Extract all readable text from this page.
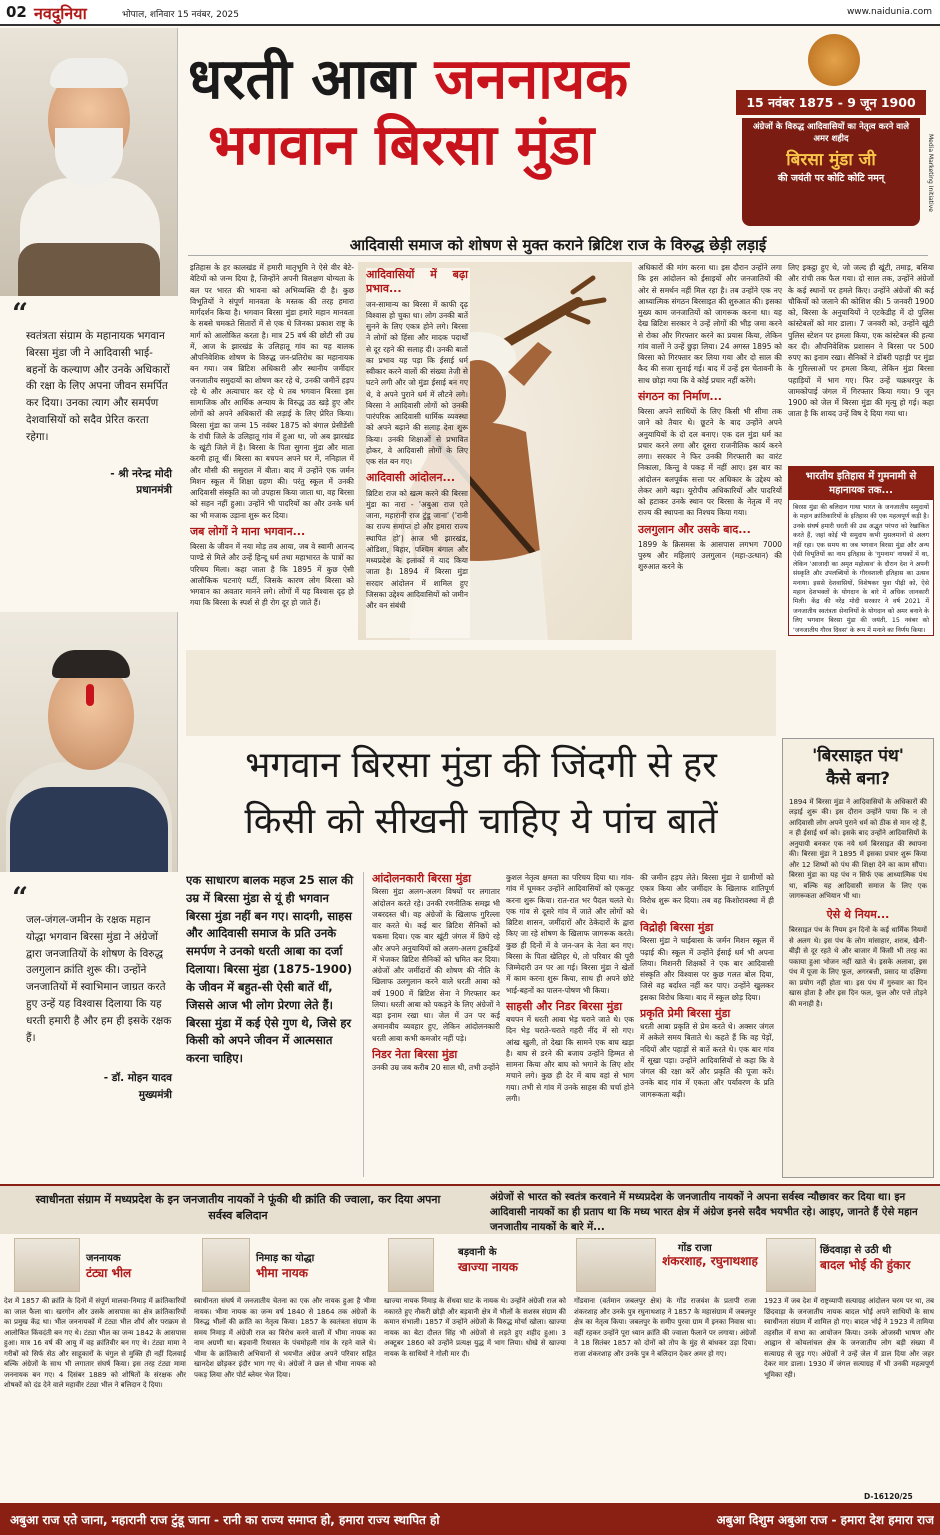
02 नवदुनिया	भोपाल, शनिवार 15 नवंबर, 2025	www.naidunia.com
“
स्वतंत्रता संग्राम के महानायक भगवान बिरसा मुंडा जी ने आदिवासी भाई-बहनों के कल्याण और उनके अधिकारों की रक्षा के लिए अपना जीवन समर्पित कर दिया। उनका त्याग और समर्पण देशवासियों को सदैव प्रेरित करता रहेगा।
- श्री नरेन्द्र मोदी
प्रधानमंत्री
“
जल-जंगल-जमीन के रक्षक महान योद्धा भगवान बिरसा मुंडा ने अंग्रेजों द्वारा जनजातियों के शोषण के विरुद्ध उलगुलान क्रांति शुरू की। उन्होंने जनजातियों में स्वाभिमान जाग्रत करते हुए उन्हें यह विश्वास दिलाया कि यह धरती हमारी है और हम ही इसके रक्षक हैं।
- डॉ. मोहन यादव
मुख्यमंत्री
धरती आबा जननायक
भगवान बिरसा मुंडा
15 नवंबर 1875 - 9 जून 1900
अंग्रेजों के विरुद्ध आदिवासियों का नेतृत्व करने वाले अमर शहीद
बिरसा मुंडा जी
की जयंती पर कोटि कोटि नमन्	Media Marketing Initiative
आदिवासी समाज को शोषण से मुक्त कराने ब्रिटिश राज के विरुद्ध छेड़ी लड़ाई
इतिहास के हर कालखंड में हमारी मातृभूमि ने ऐसे वीर बेटे-बेटियों को जन्म दिया है, जिन्होंने अपनी विलक्षण योग्यता के बल पर भारत की भावना को अभिव्यक्ति दी है। कुछ विभूतियों ने संपूर्ण मानवता के मस्तक की तरह हमारा मार्गदर्शन किया है। भगवान बिरसा मुंडा हमारे महान मानवता के सबसे चमकते सितारों में से एक थे जिनका प्रकाश राष्ट्र के मार्ग को आलोकित करता है। मात्र 25 वर्ष की छोटी सी उम्र में, आज के झारखंड के उलिहातू गांव का यह बालक औपनिवेशिक शोषण के विरुद्ध जन-प्रतिरोध का महानायक बन गया। जब ब्रिटिश अधिकारी और स्थानीय जमींदार जनजातीय समुदायों का शोषण कर रहे थे, उनकी जमीनें हड़प रहे थे और अत्याचार कर रहे थे तब भगवान बिरसा इस सामाजिक और आर्थिक अन्याय के विरुद्ध उठ खड़े हुए और लोगों को अपने अधिकारों की लड़ाई के लिए प्रेरित किया। बिरसा मुंडा का जन्म 15 नवंबर 1875 को बंगाल प्रेसीडेंसी के रांची जिले के उलिहातू गांव में हुआ था, जो अब झारखंड के खूंटी जिले में है। बिरसा के पिता सुगना मुंडा और माता करमी हातू थीं। बिरसा का बचपन अपने घर में, ननिहाल में और मौसी की ससुराल में बीता। बाद में उन्होंने एक जर्मन मिशन स्कूल में शिक्षा ग्रहण की। परंतु स्कूल में उनकी आदिवासी संस्कृति का जो उपहास किया जाता था, वह बिरसा को सहन नहीं हुआ। उन्होंने भी पादरियों का और उनके धर्म का भी मजाक उड़ाना शुरू कर दिया।
जब लोगों ने माना भगवान...
बिरसा के जीवन में नया मोड़ तब आया, जब वे स्वामी आनन्द पाण्डे से मिले और उन्हें हिन्दू धर्म तथा महाभारत के पात्रों का परिचय मिला। कहा जाता है कि 1895 में कुछ ऐसी आलौकिक घटनाएं घटीं, जिसके कारण लोग बिरसा को भगवान का अवतार मानने लगे। लोगों में यह विश्वास दृढ़ हो गया कि बिरसा के स्पर्श से ही रोग दूर हो जाते हैं।
आदिवासियों में बढ़ा प्रभाव...
जन-सामान्य का बिरसा में काफी दृढ़ विश्वास हो चुका था। लोग उनकी बातें सुनने के लिए एकत्र होने लगे। बिरसा ने लोगों को हिंसा और मादक पदार्थों से दूर रहने की सलाह दी। उनकी बातों का प्रभाव यह पड़ा कि ईसाई धर्म स्वीकार करने वालों की संख्या तेजी से घटने लगी और जो मुंडा ईसाई बन गए थे, वे अपने पुराने धर्म में लौटने लगे। बिरसा ने आदिवासी लोगों को उनकी पारंपरिक आदिवासी धार्मिक व्यवस्था को अपने बढ़ाने की सलाह देना शुरू किया। उनकी शिक्षाओं से प्रभावित होकर, वे आदिवासी लोगों के लिए एक संत बन गए।
आदिवासी आंदोलन...
ब्रिटिश राज को खत्म करने की बिरसा मुंडा का नारा - 'अबुआ राज एते जाना, महारानी राज टुंडू जाना' ('रानी का राज्य समाप्त हो और हमारा राज्य स्थापित हो') आज भी झारखंड, ओडिशा, बिहार, पश्चिम बंगाल और मध्यप्रदेश के इलाकों में याद किया जाता है। 1894 में बिरसा मुंडा सरदार आंदोलन में शामिल हुए जिसका उद्देश्य आदिवासियों को जमीन और वन संबंधी
अधिकारों की मांग करना था। इस दौरान उन्होंने लगा कि इस आंदोलन को ईसाइयों और जनजातियों की ओर से समर्थन नहीं मिल रहा है। तब उन्होंने एक नए आध्यात्मिक संगठन बिरसाइत की शुरुआत की। इसका मुख्य काम जनजातियों को जागरूक करना था। यह देख ब्रिटिश सरकार ने उन्हें लोगों की भीड़ जमा करने से रोका और गिरफ्तार करने का प्रयास किया, लेकिन गांव वालों ने उन्हें छुड़ा लिया। 24 अगस्त 1895 को बिरसा को गिरफ्तार कर लिया गया और दो साल की कैद की सजा सुनाई गई। बाद में उन्हें इस चेतावनी के साथ छोड़ा गया कि वे कोई प्रचार नहीं करेंगे।
संगठन का निर्माण...
बिरसा अपने साथियों के लिए किसी भी सीमा तक जाने को तैयार थे। छूटने के बाद उन्होंने अपने अनुयायियों के दो दल बनाए। एक दल मुंडा धर्म का प्रचार करने लगा और दूसरा राजनीतिक कार्य करने लगा। सरकार ने फिर उनकी गिरफ्तारी का वारंट निकाला, किन्तु वे पकड़ में नहीं आए। इस बार का आंदोलन बलपूर्वक सत्ता पर अधिकार के उद्देश्य को लेकर आगे बढ़ा। यूरोपीय अधिकारियों और पादरियों को हटाकर उनके स्थान पर बिरसा के नेतृत्व में नए राज्य की स्थापना का निश्चय किया गया।
उलगुलान और उसके बाद...
1899 के क्रिसमस के आसपास लगभग 7000 पुरुष और महिलाएं उलगुलान (महा-उत्थान) की शुरुआत करने के
लिए इकट्ठा हुए थे, जो जल्द ही खूंटी, तमाड़, बसिया और रांची तक फैल गया। दो साल तक, उन्होंने अंग्रेजों के कई स्थानों पर हमले किए। उन्होंने अंग्रेजों की कई चौकियों को जलाने की कोशिश की। 5 जनवरी 1900 को, बिरसा के अनुयायियों ने एटकेडीह में दो पुलिस कांस्टेबलों को मार डाला। 7 जनवरी को, उन्होंने खूंटी पुलिस स्टेशन पर हमला किया, एक कांस्टेबल की हत्या कर दी। औपनिवेशिक प्रशासन ने बिरसा पर 500 रुपए का इनाम रखा। सैनिकों ने डोंबरी पहाड़ी पर मुंडा के गुरिल्लाओं पर हमला किया, लेकिन मुंडा बिरसा पहाड़ियों में भाग गए। फिर उन्हें चक्रधरपुर के जामकोपाई जंगल में गिरफ्तार किया गया। 9 जून 1900 को जेल में बिरसा मुंडा की मृत्यु हो गई। कहा जाता है कि शायद उन्हें विष दे दिया गया था।
भारतीय इतिहास में गुमनामी से महानायक तक...
बिरसा मुंडा की बलिदान गाथा भारत के जनजातीय समुदायों के महान क्रांतिकारियों के इतिहास की एक महत्वपूर्ण कड़ी है। उनके संघर्ष हमारी धरती की उस अद्भुत परंपरा को रेखांकित करते हैं, जहां कोई भी समुदाय कभी मुसलमानों से अलग नहीं रहा। एक समय था जब भगवान बिरसा मुंडा और अन्य ऐसी विभूतियों का नाम इतिहास के 'गुमनाम' नायकों में था, लेकिन 'आजादी का अमृत महोत्सव' के दौरान देश ने अपनी संस्कृति और उपलब्धियों के गौरवशाली इतिहास का उत्सव मनाया। इससे देशवासियों, विशेषकर युवा पीढ़ी को, ऐसे महान देशभक्तों के योगदान के बारे में अधिक जानकारी मिली। केंद्र की नरेंद्र मोदी सरकार ने वर्ष 2021 में जनजातीय स्वतंत्रता सेनानियों के योगदान को अमर बनाने के लिए भगवान बिरसा मुंडा की जयंती, 15 नवंबर को 'जनजातीय गौरव दिवस' के रूप में मनाने का निर्णय किया।
भगवान बिरसा मुंडा की जिंदगी से हर
किसी को सीखनी चाहिए ये पांच बातें
एक साधारण बालक महज 25 साल की उम्र में बिरसा मुंडा से यूं ही भगवान बिरसा मुंडा नहीं बन गए। सादगी, साहस और आदिवासी समाज के प्रति उनके समर्पण ने उनको धरती आबा का दर्जा दिलाया। बिरसा मुंडा (1875-1900) के जीवन में बहुत-सी ऐसी बातें थीं, जिससे आज भी लोग प्रेरणा लेते हैं। बिरसा मुंडा में कई ऐसे गुण थे, जिसे हर किसी को अपने जीवन में आत्मसात करना चाहिए।
आंदोलनकारी बिरसा मुंडा
बिरसा मुंडा अलग-अलग विषयों पर लगातार आंदोलन करते रहे। उनकी रणनीतिक समझ भी जबरदस्त थी। वह अंग्रेजों के खिलाफ गुरिल्ला वार करते थे। कई बार ब्रिटिश सैनिकों को चकमा दिया। एक बार खूंटी जंगल में छिपे रहे और अपने अनुयायियों को अलग-अलग टुकड़ियों में भेजकर ब्रिटिश सैनिकों को भ्रमित कर दिया। अंग्रेजों और जमींदारों की शोषण की नीति के खिलाफ उलगुलान करने वाले धरती आबा को वर्ष 1900 में ब्रिटिश सेना ने गिरफ्तार कर लिया। धरती आबा को पकड़ने के लिए अंग्रेजों ने बड़ा इनाम रखा था। जेल में उन पर कई अमानवीय व्यवहार हुए, लेकिन आंदोलनकारी धरती आबा कभी कमजोर नहीं पड़े।
निडर नेता बिरसा मुंडा
उनकी उम्र जब करीब 20 साल थी, तभी उन्होंने
कुशल नेतृत्व क्षमता का परिचय दिया था। गांव-गांव में घूमकर उन्होंने आदिवासियों को एकजुट करना शुरू किया। रात-रात भर पैदल चलते थे। एक गांव से दूसरे गांव में जाते और लोगों को ब्रिटिश शासन, जमींदारों और ठेकेदारों के द्वारा किए जा रहे शोषण के खिलाफ जागरूक करते। कुछ ही दिनों में वे जन-जन के नेता बन गए। बिरसा के पिता खेतिहर थे, तो परिवार की पूरी जिम्मेदारी उन पर आ गई। बिरसा मुंडा ने खेतों में काम करना शुरू किया, साथ ही अपने छोटे भाई-बहनों का पालन-पोषण भी किया।
साहसी और निडर बिरसा मुंडा
बचपन में धरती आबा भेड़ चराने जाते थे। एक दिन भेड़ चराते-चराते गहरी नींद में सो गए। आंख खुली, तो देखा कि सामने एक बाघ खड़ा है। बाघ से डरने की बजाय उन्होंने हिम्मत से सामना किया और बाघ को भगाने के लिए शोर मचाने लगे। कुछ ही देर में बाघ वहां से भाग गया। तभी से गांव में उनके साहस की चर्चा होने लगी।
की जमीन हड़प लेते। बिरसा मुंडा ने ग्रामीणों को एकत्र किया और जमींदार के खिलाफ शांतिपूर्ण विरोध शुरू कर दिया। तब वह किशोरावस्था में ही थे।
विद्रोही बिरसा मुंडा
बिरसा मुंडा ने चाईबासा के जर्मन मिशन स्कूल में पढ़ाई की। स्कूल में उन्होंने ईसाई धर्म भी अपना लिया। मिशनरी शिक्षकों ने एक बार आदिवासी संस्कृति और विश्वास पर कुछ गलत बोल दिया, जिसे वह बर्दाश्त नहीं कर पाए। उन्होंने खुलकर इसका विरोध किया। बाद में स्कूल छोड़ दिया।
प्रकृति प्रेमी बिरसा मुंडा
धरती आबा प्रकृति से प्रेम करते थे। अक्सर जंगल में अकेले समय बिताते थे। कहते हैं कि वह पेड़ों, नदियों और पहाड़ों से बातें करते थे। एक बार गांव में सूखा पड़ा। उन्होंने आदिवासियों से कहा कि वे जंगल की रक्षा करें और प्रकृति की पूजा करें। उनके बाद गांव में एकता और पर्यावरण के प्रति जागरूकता बढ़ी।
'बिरसाइत पंथ'
कैसे बना?
1894 में बिरसा मुंडा ने आदिवासियों के अधिकारों की लड़ाई शुरू की। इस दौरान उन्होंने पाया कि न तो आदिवासी लोग अपने पुराने धर्म को ठीक से मान रहे हैं, न ही ईसाई धर्म को। इसके बाद उन्होंने आदिवासियों के अनुयायी बनकर एक नये धर्म बिरसाइत की स्थापना की। बिरसा मुंडा ने 1895 में इसका प्रचार शुरू किया और 12 शिष्यों को पंथ की शिक्षा देने का काम सौंपा। बिरसा मुंडा का यह पंथ न सिर्फ एक आध्यात्मिक पंथ था, बल्कि यह आदिवासी समाज के लिए एक जागरूकता अभियान भी था।
ऐसे थे नियम...
बिरसाइत पंथ के नियम इन दिनों के कई धार्मिक नियमों से अलग थे। इस पंथ के लोग मांसाहार, शराब, खैनी-बीड़ी से दूर रहते थे और बाजार में किसी भी तरह का पकाया हुआ भोजन नहीं खाते थे। इसके अलावा, इस पंथ में पूजा के लिए फूल, अगरबत्ती, प्रसाद या दक्षिणा का प्रयोग नहीं होता था। इस पंथ में गुरुवार का दिन खास होता है और इस दिन फल, फूल और पत्ते तोड़ने की मनाही है।
स्वाधीनता संग्राम में मध्यप्रदेश के इन जनजातीय नायकों ने फूंकी थी क्रांति की ज्वाला, कर दिया अपना सर्वस्व बलिदान
अंग्रेजों से भारत को स्वतंत्र करवाने में मध्यप्रदेश के जनजातीय नायकों ने अपना सर्वस्व न्यौछावर कर दिया था। इन आदिवासी नायकों का ही प्रताप था कि मध्य भारत क्षेत्र में अंग्रेज इनसे सदैव भयभीत रहे। आइए, जानते हैं ऐसे महान जनजातीय नायकों के बारे में...
जननायक
टंट्या भील
देश में 1857 की क्रांति के दिनों में संपूर्ण मालवा-निमाड़ में क्रांतिकारियों का जाल फैला था। खरगोन और उसके आसपास का क्षेत्र क्रांतिकारियों का प्रमुख केंद्र था। भील जननायकों में टंट्या भील शौर्य और पराक्रम से आलोकित किंवदंती बन गए थे। टंट्या भील का जन्म 1842 के आसपास हुआ। मात्र 16 वर्ष की आयु में वह क्रांतिवीर बन गए थे। टंट्या मामा ने गरीबों को सिर्फ सेठ और साहूकारों के चंगुल से मुक्ति ही नहीं दिलवाई बल्कि अंग्रेजों के साथ भी लगातार संघर्ष किया। इस तरह टंट्या मामा जननायक बन गए। 4 दिसंबर 1889 को शोषितों के संरक्षक और शोषकों को दंड देने वाले महावीर टंट्या भील ने बलिदान दे दिया।
निमाड़ का योद्धा
भीमा नायक
स्वाधीनता संघर्ष में जनजातीय चेतना का एक और नायक हुआ है भीमा नायक। भीमा नायक का जन्म वर्ष 1840 से 1864 तक अंग्रेजों के विरुद्ध भीलों की क्रांति का नेतृत्व किया। 1857 के स्वतंत्रता संग्राम के समय निमाड़ में अंग्रेजी राज का विरोध करने वालों में भीमा नायक का नाम अग्रणी था। बड़वानी रियासत के पंचमोहली गांव के रहने वाले थे। भीमा के क्रांतिकारी अभियानों से भयभीत अंग्रेज अपने परिवार सहित खानदेश छोड़कर इंदौर भाग गए थे। अंग्रेजों ने छल से भीमा नायक को पकड़ लिया और पोर्ट ब्लेयर भेज दिया।
बड़वानी के
खाज्या नायक
खाज्या नायक निमाड़ के सेंधवा घाट के नायक थे। उन्होंने अंग्रेजी राज को नकारते हुए नौकरी छोड़ी और बड़वानी क्षेत्र में भीलों के सशस्त्र संग्राम की कमान संभाली। 1857 में उन्होंने अंग्रेजों के विरुद्ध मोर्चा खोला। खाज्या नायक का बेटा दौलत सिंह भी अंग्रेजों से लड़ते हुए शहीद हुआ। 3 अक्टूबर 1860 को उन्होंने प्रत्यक्ष युद्ध में भाग लिया। धोखे से खाज्या नायक के साथियों ने गोली मार दी।
गोंड राजा
शंकरशाह, रघुनाथशाह
गोंडवाना (वर्तमान जबलपुर क्षेत्र) के गोंड राजवंश के प्रतापी राजा शंकरशाह और उनके पुत्र रघुनाथशाह ने 1857 के महासंग्राम में जबलपुर क्षेत्र का नेतृत्व किया। जबलपुर के समीप पुरवा ग्राम में इनका निवास था। वहीं रहकर उन्होंने पूरा ध्यान क्रांति की ज्वाला फैलाने पर लगाया। अंग्रेजों ने 18 सितंबर 1857 को दोनों को तोप के मुंह से बांधकर उड़ा दिया। राजा शंकरशाह और उनके पुत्र ने बलिदान देकर अमर हो गए।
छिंदवाड़ा से उठी थी
बादल भोई की हुंकार
1923 में जब देश में राष्ट्रव्यापी सत्याग्रह आंदोलन चरम पर था, तब छिंदवाड़ा के जनजातीय नायक बादल भोई अपने साथियों के साथ स्वाधीनता संग्राम में शामिल हो गए। बादल भोई ने 1923 में तामिया तहसील में सभा का आयोजन किया। उनके ओजस्वी भाषण और आह्वान से कोयलांचल क्षेत्र के जनजातीय लोग बड़ी संख्या में सत्याग्रह से जुड़ गए। अंग्रेजों ने उन्हें जेल में डाल दिया और जहर देकर मार डाला। 1930 में जंगल सत्याग्रह में भी उनकी महत्वपूर्ण भूमिका रही।
D-16120/25
अबुआ राज एते जाना, महारानी राज टुंडू जाना - रानी का राज्य समाप्त हो, हमारा राज्य स्थापित हो	अबुआ दिशुम अबुआ राज - हमारा देश हमारा राज
